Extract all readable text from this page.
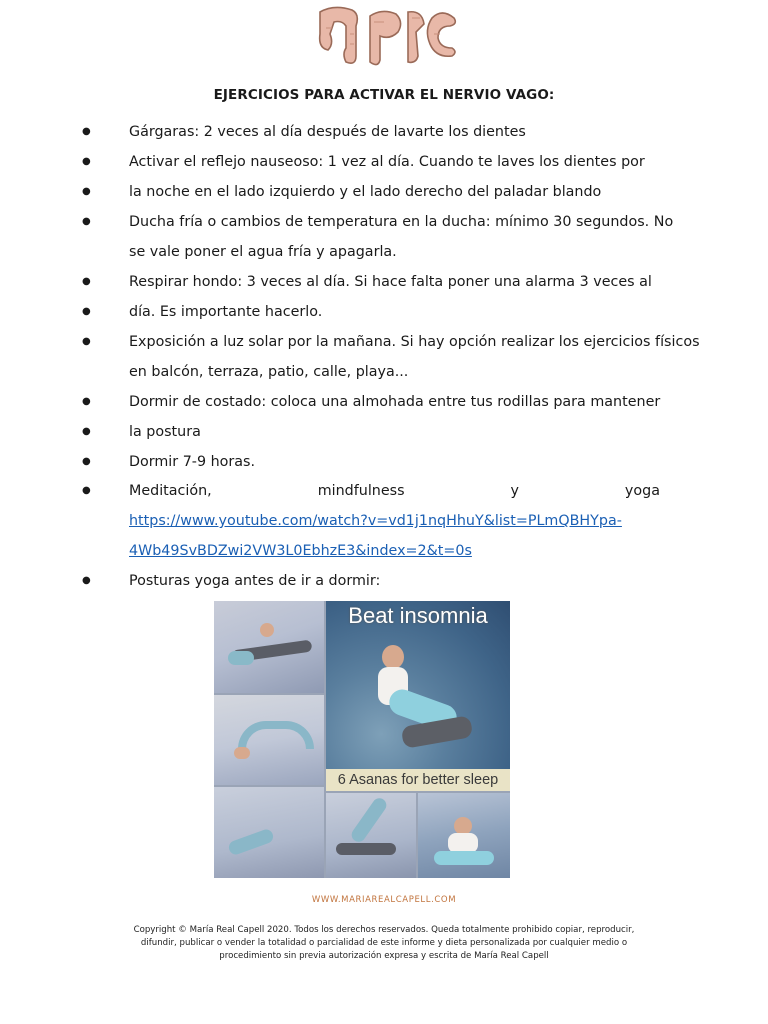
EJERCICIOS PARA ACTIVAR EL NERVIO VAGO:
●	Gárgaras: 2 veces al día después de lavarte los dientes
●	Activar el reflejo nauseoso: 1 vez al día. Cuando te laves los dientes por
●	la noche en el lado izquierdo y el lado derecho del paladar blando
●	Ducha fría o cambios de temperatura en la ducha: mínimo 30 segundos. No
se vale poner el agua fría y apagarla.
●	Respirar hondo: 3 veces al día. Si hace falta poner una alarma 3 veces al
●	día. Es importante hacerlo.
●	Exposición a luz solar por la mañana. Si hay opción realizar los ejercicios físicos
en balcón, terraza, patio, calle, playa...
●	Dormir de costado: coloca una almohada entre tus rodillas para mantener
●	la postura
●	Dormir 7-9 horas.
●	Meditación,	mindfulness	y	yoga
https://www.youtube.com/watch?v=vd1j1nqHhuY&list=PLmQBHYpa-
4Wb49SvBDZwi2VW3L0EbhzE3&index=2&t=0s
●	Posturas yoga antes de ir a dormir:
Beat insomnia
6 Asanas for better sleep
WWW.MARIAREALCAPELL.COM
Copyright © María Real Capell 2020. Todos los derechos reservados. Queda totalmente prohibido copiar, reproducir,
difundir, publicar o vender la totalidad o parcialidad de este informe y dieta personalizada por cualquier medio o
procedimiento sin previa autorización expresa y escrita de María Real Capell
